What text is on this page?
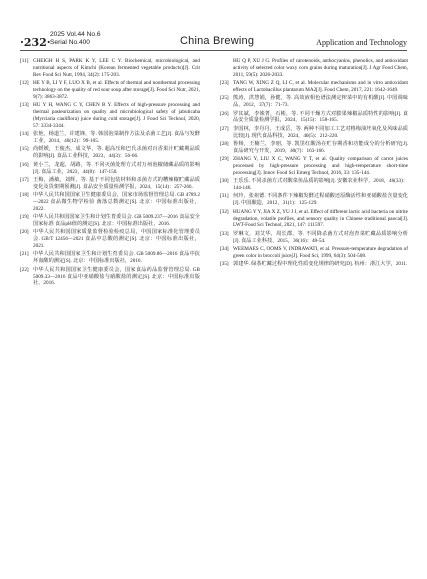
·232·
2025 Vol.44 No.6
Serial No.400	China Brewing	Application and Technology
[11] CHEIGH H S, PARK K Y, LEE C Y. Biochemical, microbiological, and nutritional aspects of Kimchi (Korean fermented vegetable products)[J]. Crit Rev Food Sci Nutr, 1994, 34(2): 175-203.
[12] HE Y B, LI Y F, LUO X B, et al. Effects of thermal and nonthermal processing technology on the quality of red sour soup after storage[J]. Food Sci Nutr, 2021, 9(7): 3863-3872.
[13] HU Y H, WANG C Y, CHEN B Y. Effects of high-pressure processing and thermal pasteurization on quality and microbiological safety of jabuticaba (Myrciaria cauliflora) juice during cold storage[J]. J Food Sci Technol, 2020, 57: 3334-3344.
[14] 张艳，杨道兰，许建锋，等. 韩国泡菜制作方法及杀菌工艺[J]. 食品与发酵工业，2014，40(12)：99-105.
[15] 尚媛媛，王俊杰，成文华，等. 超高压和巴氏杀菌对百香果汁贮藏期品质的影响[J]. 食品工业科技，2023，44(3)：56-66.
[16] 黄小兰，龙超，胡路，等. 不同灭菌处理方式对万州泡椒储藏品质的影响[J]. 食品工业，2023，44(8)：147-150.
[17] 王梅，潘敏，刘辉，等. 基于不同包装材料和杀菌方式的糟辣椒贮藏品质变化及货架期预测[J]. 食品安全质量检测学报，2024，15(14)：257-266.
[18] 中华人民共和国国家卫生健康委员会，国家市场监督管理总局. GB 4789.2—2022 食品微生物学检验 菌落总数测定[S]. 北京：中国标准出版社，2022.
[19] 中华人民共和国国家卫生和计划生育委员会. GB 5009.237—2016 食品安全国家标准 食品pH值的测定[S]. 北京：中国标准出版社，2016.
[20] 中华人民共和国国家质量监督检验检疫总局，中国国家标准化管理委员会. GB/T 12456—2021 食品中总酸的测定[S]. 北京：中国标准出版社，2021.
[21] 中华人民共和国国家卫生和计划生育委员会. GB 5009.86—2016 食品中抗坏血酸的测定[S]. 北京：中国标准出版社，2016.
[22] 中华人民共和国国家卫生健康委员会，国家食品药品监督管理总局. GB 5009.33—2016 食品中亚硝酸盐与硝酸盐的测定[S]. 北京：中国标准出版社，2016.
HU Q P, XU J G. Profiles of carotenoids, anthocyanins, phenolics, and antioxidant activity of selected color waxy corn grains during maturation[J]. J Agr Food Chem, 2011, 59(5): 2026-2033.
[23] TANG W, XING Z Q, LI C, et al. Molecular mechanisms and in vitro antioxidant effects of Lactobacillus plantarum MA2[J]. Food Chem, 2017, 221: 1642-1649.
[25] 熊涛，洪慧娟，孙健，等. 高效液相色谱法测定榨菜中的有机酸[J]. 中国调味品，2012，37(7)：71-73.
[26] 罗其斌，李姝菁，石彬，等. 不同干燥方式对膨果辣椒品质特性的影响[J]. 食品安全质量检测学报，2024，15(15)：158-165.
[27] 李国林，李丹丹，王成岳，等. 两种不同加工工艺对格梅油坯氧化及风味品质比较[J]. 现代食品科技，2024，40(5)：212-220.
[28] 鲁杨，王楠兰，李朋，等. 凯里红酸汤在贮存期香和功能成分的分析研究[J]. 食品研究与开发，2019，40(7)：163-166.
[29] ZHANG Y, LIU X C, WANG Y T, et al. Quality comparison of carrot juices processed by high-pressure processing and high-temperature short-time processing[J]. Innov Food Sci Emerg Technol, 2016, 33: 135-144.
[30] 王乐乐. 不同杀菌方式对酸菜鱼品质的影响[J]. 安徽农业科学，2018，46(33)：144-146.
[31] 何玲，张祖德. 不同条件下辣椒发酵过程硝酸还原酶活性和亚硝酸盐含量变化[J]. 中国酿造，2012，31(1)：125-129.
[32] HUANG Y Y, JIA X Z, YU J J, et al. Effect of different lactic acid bacteria on nitrite degradation, volatile profiles, and sensory quality in Chinese traditional paocai[J]. LWT-Food Sci Technol, 2021, 147: 111597.
[33] 罗琳文，刘艾华，周长郡，等. 不同降杀菌方式对泡青菜贮藏品质影响分析[J]. 食品工业科技，2015，36(16)：48-54.
[34] WEEMAES C, OOMS V, INDRAWATI, et al. Pressure-temperature degradation of green color in broccoli juice[J]. Food Sci, 1999, 64(3): 504-508.
[35] 郭建华. 绿茶贮藏过程中理化性质变化规律的研究[D]. 杭州：浙江大学，2011.
